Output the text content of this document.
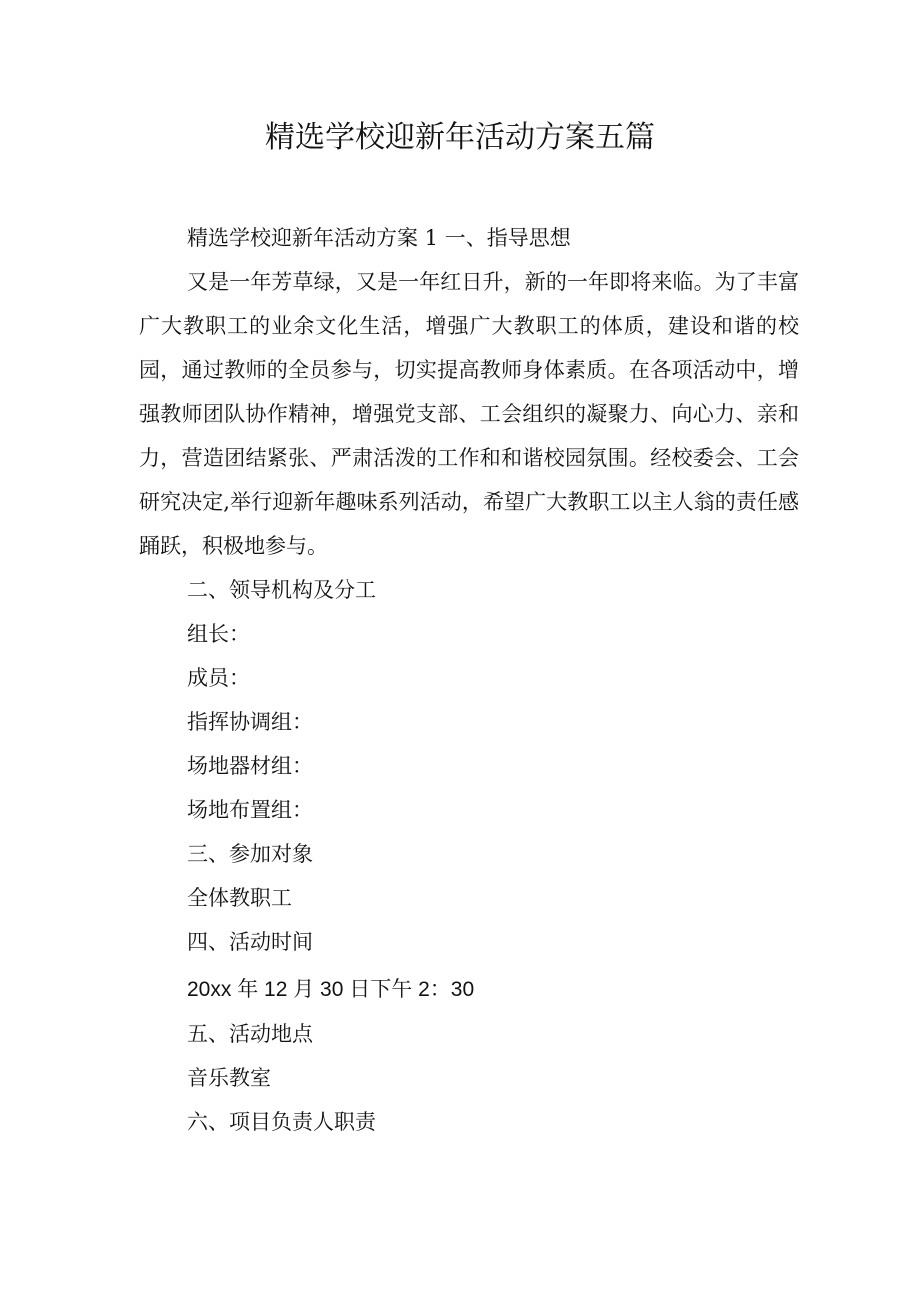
精选学校迎新年活动方案五篇

精选学校迎新年活动方案 1 一、指导思想

又是一年芳草绿，又是一年红日升，新的一年即将来临。为了丰富广大教职工的业余文化生活，增强广大教职工的体质，建设和谐的校园，通过教师的全员参与，切实提高教师身体素质。在各项活动中，增强教师团队协作精神，增强党支部、工会组织的凝聚力、向心力、亲和力，营造团结紧张、严肃活泼的工作和和谐校园氛围。经校委会、工会研究决定,举行迎新年趣味系列活动，希望广大教职工以主人翁的责任感踊跃，积极地参与。

二、领导机构及分工

组长：

成员：

指挥协调组：

场地器材组：

场地布置组：

三、参加对象

全体教职工

四、活动时间

20xx 年 12 月 30 日下午 2：30

五、活动地点

音乐教室

六、项目负责人职责
